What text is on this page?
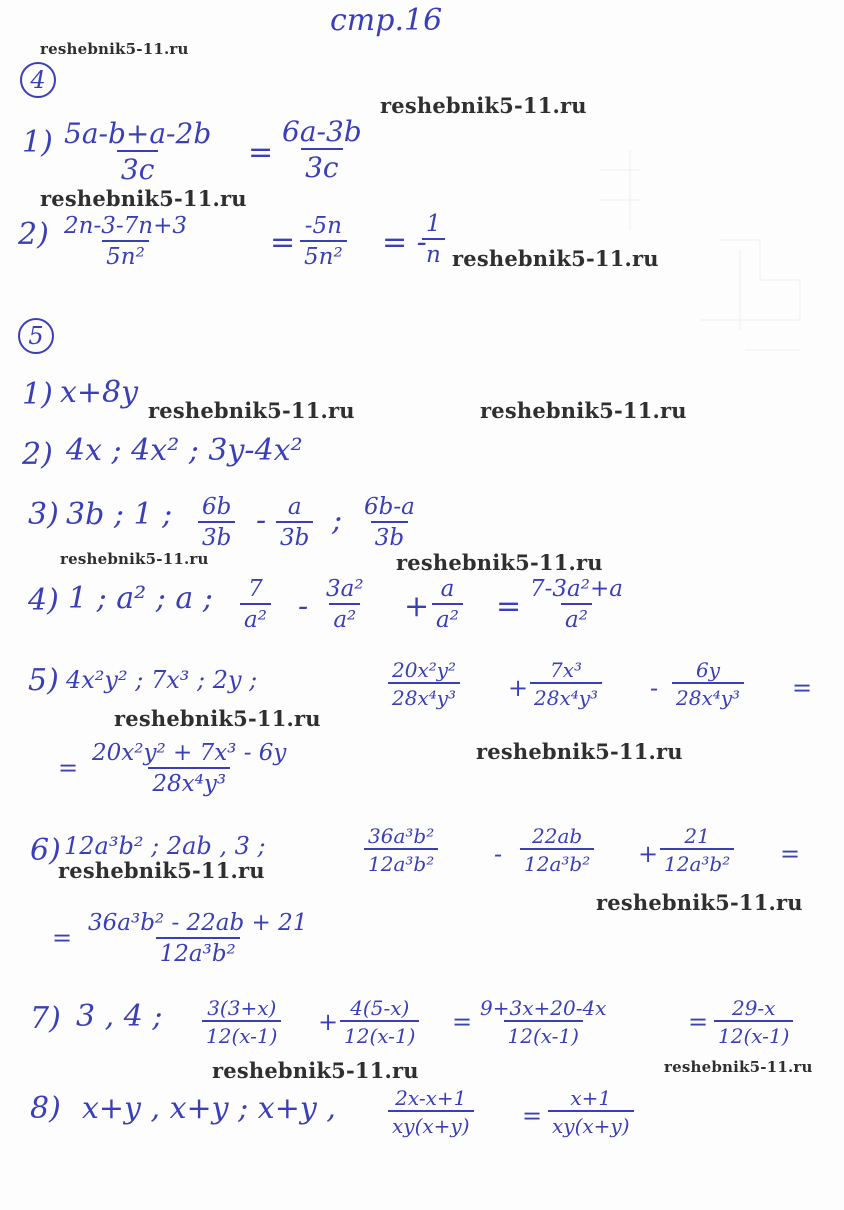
стр.16
4
$1) \frac{5a-b+a-2b}{3c} = \frac{6a-3b}{3c}$
$2) \frac{2n-3-7n+3}{\text{5n²}}$	= $\frac{-5n}{\text{5n²}}$ = -
$\frac{1}{n}$
5
1) x+8y
2) 4x ; 4x² ; 3y-4x²
3) 3b ; 1 ; $\frac{6b}{3b} - \frac{a}{3b}$ ; $\frac{6b-a}{3b}$
4) 1 ; a² ; a ; $\frac{7}{\text{a²}} - \frac{\text{3a²}}{\text{a²}} + \frac{a}{\text{a²}} = \frac{\text{7-3a²+a}}{\text{a²}}$
5) 4x²y² ; 7x³ ; 2y ;	$\frac{\text{20x²y²}}{\text{28x⁴y³}} + \frac{\text{7x³}}{\text{28x⁴y³}} - \frac{6y}{\text{28x⁴y³}}$ =
= $\frac{\text{20x²y² + 7x³ - 6y}}{\text{28x⁴y³}}$
6) 12a³b² ; 2ab , 3 ;	$\frac{\text{36a³b²}}{\text{12a³b²}} - \frac{22ab}{\text{12a³b²}} + \frac{21}{\text{12a³b²}}$ =
= $\frac{\text{36a³b² - 22ab + 21}}{\text{12a³b²}}$
7) 3 , 4 ; $\frac{3(3+x)}{12(x-1)} + \frac{4(5-x)}{12(x-1)} = \frac{9+3x+20-4x}{12(x-1)}$	= $\frac{29-x}{12(x-1)}$
8) x+y , x+y ; x+y ,	$\frac{2x-x+1}{xy(x+y)} = \frac{x+1}{xy(x+y)}$
reshebnik5-11.ru
reshebnik5-11.ru
reshebnik5-11.ru
reshebnik5-11.ru
reshebnik5-11.ru	reshebnik5-11.ru
reshebnik5-11.ru	reshebnik5-11.ru
reshebnik5-11.ru
reshebnik5-11.ru
reshebnik5-11.ru
reshebnik5-11.ru
reshebnik5-11.ru	reshebnik5-11.ru
